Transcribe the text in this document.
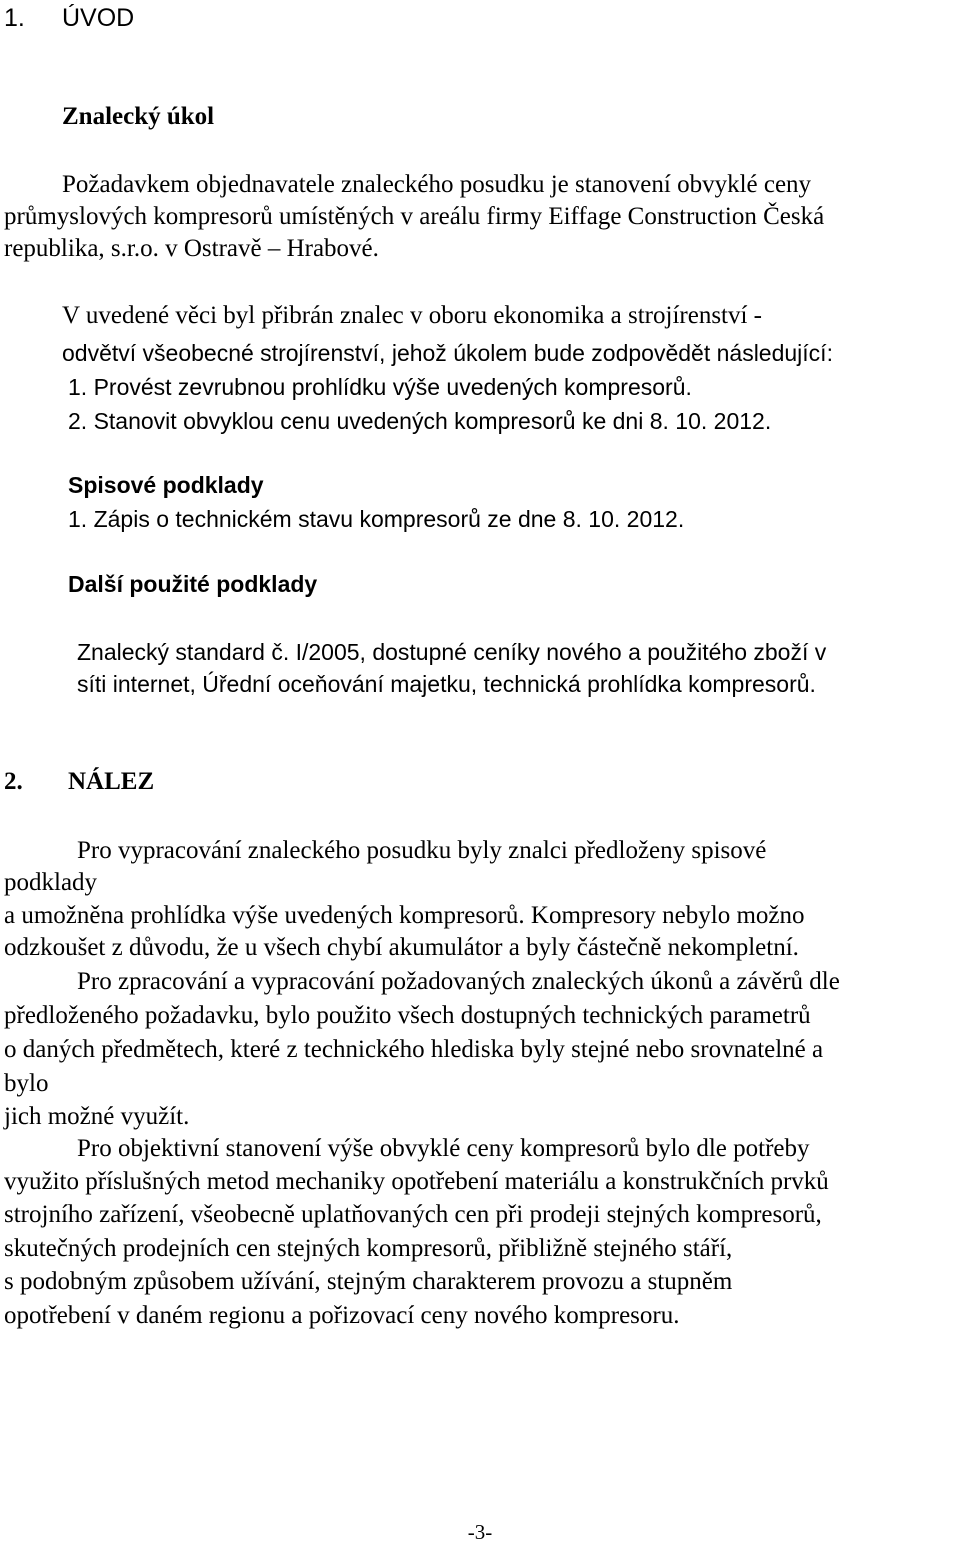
1. ÚVOD
Znalecký úkol
Požadavkem objednavatele znaleckého posudku je stanovení obvyklé ceny
průmyslových kompresorů umístěných v areálu firmy Eiffage Construction Česká
republika, s.r.o. v Ostravě – Hrabové.
V uvedené věci byl přibrán znalec v oboru ekonomika a strojírenství -
odvětví všeobecné strojírenství, jehož úkolem bude zodpovědět následující:
1. Provést zevrubnou prohlídku výše uvedených kompresorů.
2. Stanovit obvyklou cenu uvedených kompresorů ke dni 8. 10. 2012.
Spisové podklady
1. Zápis o technickém stavu kompresorů ze dne 8. 10. 2012.
Další použité podklady
Znalecký standard č. I/2005, dostupné ceníky nového a použitého zboží v
síti internet, Úřední oceňování majetku, technická prohlídka kompresorů.
2. NÁLEZ
Pro vypracování znaleckého posudku byly znalci předloženy spisové
podklady
a umožněna prohlídka výše uvedených kompresorů. Kompresory nebylo možno
odzkoušet z důvodu, že u všech chybí akumulátor a byly částečně nekompletní.
Pro zpracování a vypracování požadovaných znaleckých úkonů a závěrů dle
předloženého požadavku, bylo použito všech dostupných technických parametrů
o daných předmětech, které z technického hlediska byly stejné nebo srovnatelné a
bylo
jich možné využít.
Pro objektivní stanovení výše obvyklé ceny kompresorů bylo dle potřeby
využito příslušných metod mechaniky opotřebení materiálu a konstrukčních prvků
strojního zařízení, všeobecně uplatňovaných cen při prodeji stejných kompresorů,
skutečných prodejních cen stejných kompresorů, přibližně stejného stáří,
s podobným způsobem užívání, stejným charakterem provozu a stupněm
opotřebení v daném regionu a pořizovací ceny nového kompresoru.
-3-
